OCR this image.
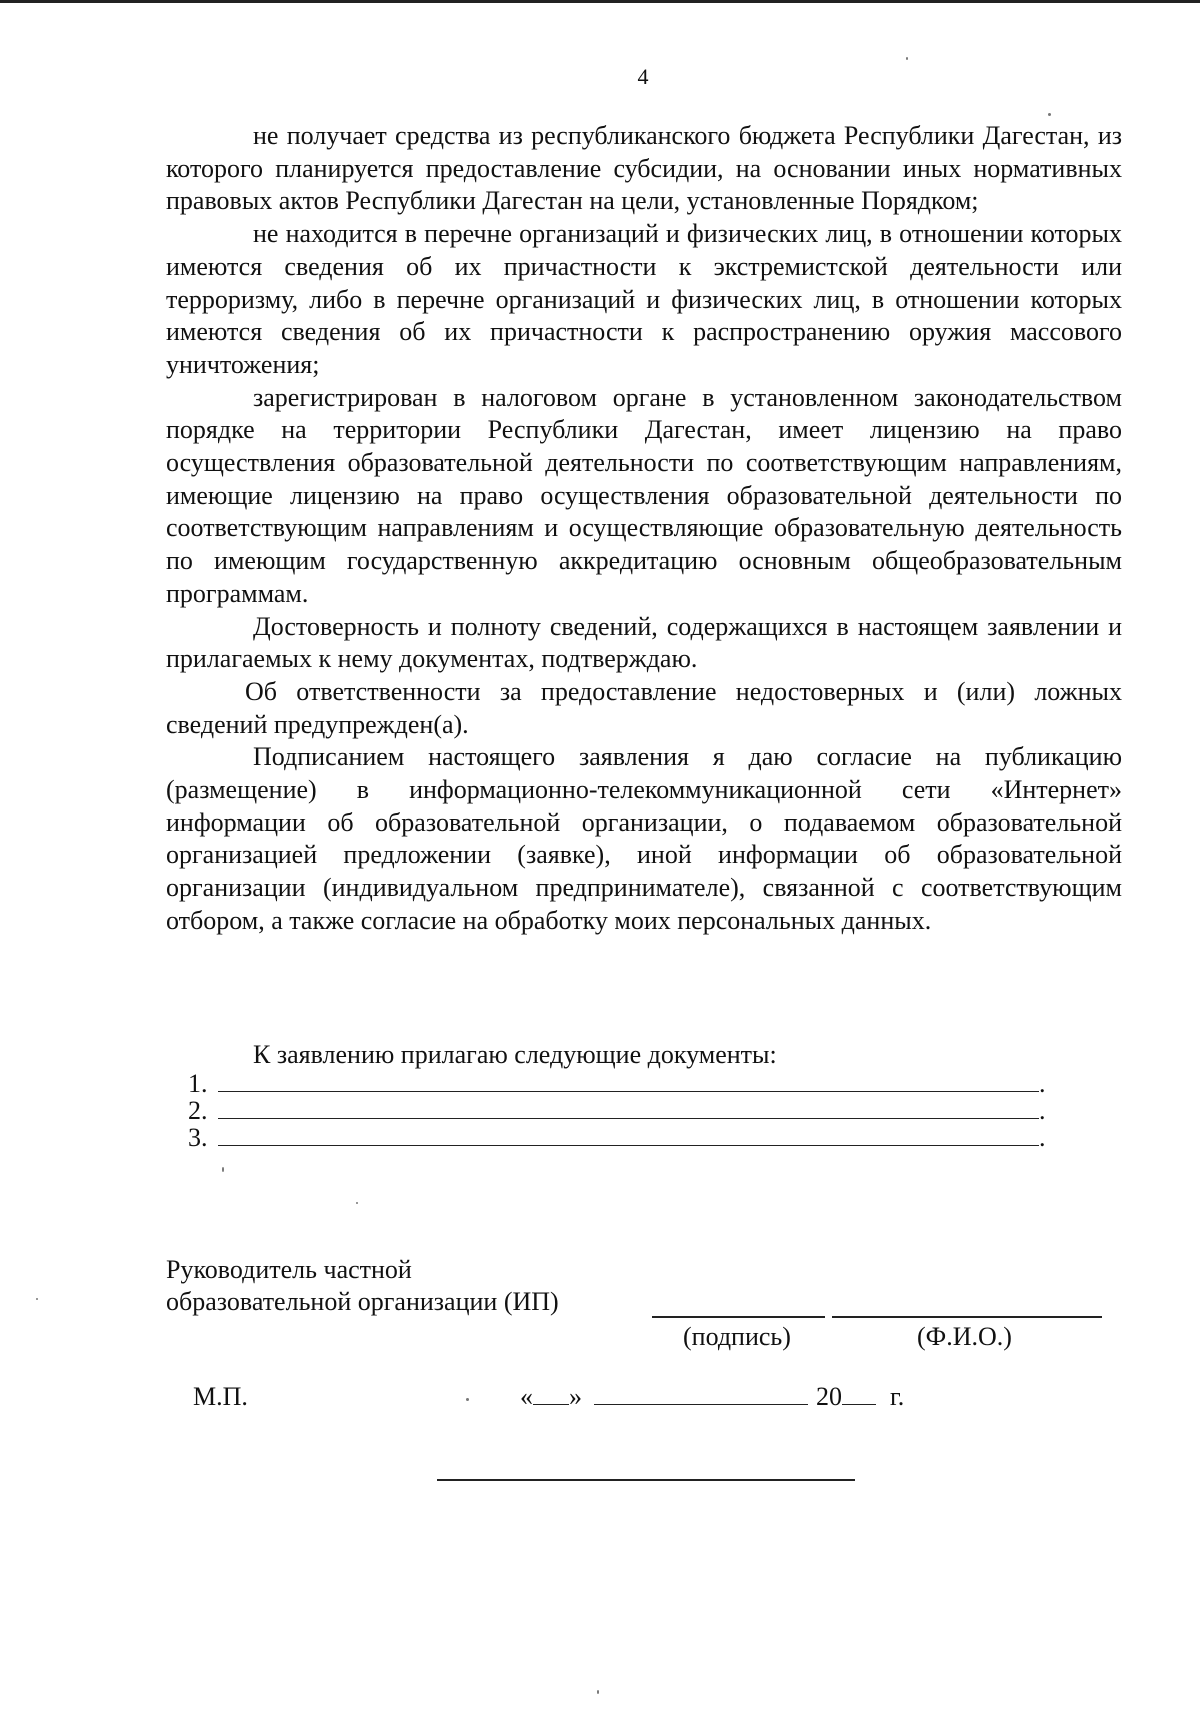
4

не получает средства из республиканского бюджета Республики Дагестан, из которого планируется предоставление субсидии, на основании иных нормативных правовых актов Республики Дагестан на цели, установленные Порядком;

не находится в перечне организаций и физических лиц, в отношении которых имеются сведения об их причастности к экстремистской деятельности или терроризму, либо в перечне организаций и физических лиц, в отношении которых имеются сведения об их причастности к распространению оружия массового уничтожения;

зарегистрирован в налоговом органе в установленном законодательством порядке на территории Республики Дагестан, имеет лицензию на право осуществления образовательной деятельности по соответствующим направлениям, имеющие лицензию на право осуществления образовательной деятельности по соответствующим направлениям и осуществляющие образовательную деятельность по имеющим государственную аккредитацию основным общеобразовательным программам.

Достоверность и полноту сведений, содержащихся в настоящем заявлении и прилагаемых к нему документах, подтверждаю.

Об ответственности за предоставление недостоверных и (или) ложных сведений предупрежден(а).

Подписанием настоящего заявления я даю согласие на публикацию (размещение) в информационно-телекоммуникационной сети «Интернет» информации об образовательной организации, о подаваемом образовательной организацией предложении (заявке), иной информации об образовательной организации (индивидуальном предпринимателе), связанной с соответствующим отбором, а также согласие на обработку моих персональных данных.

К заявлению прилагаю следующие документы:
1.	.
2.	.
3.	.
Руководитель частной
образовательной организации (ИП)
(подпись)	(Ф.И.О.)
М.П.	« »	20 г.
